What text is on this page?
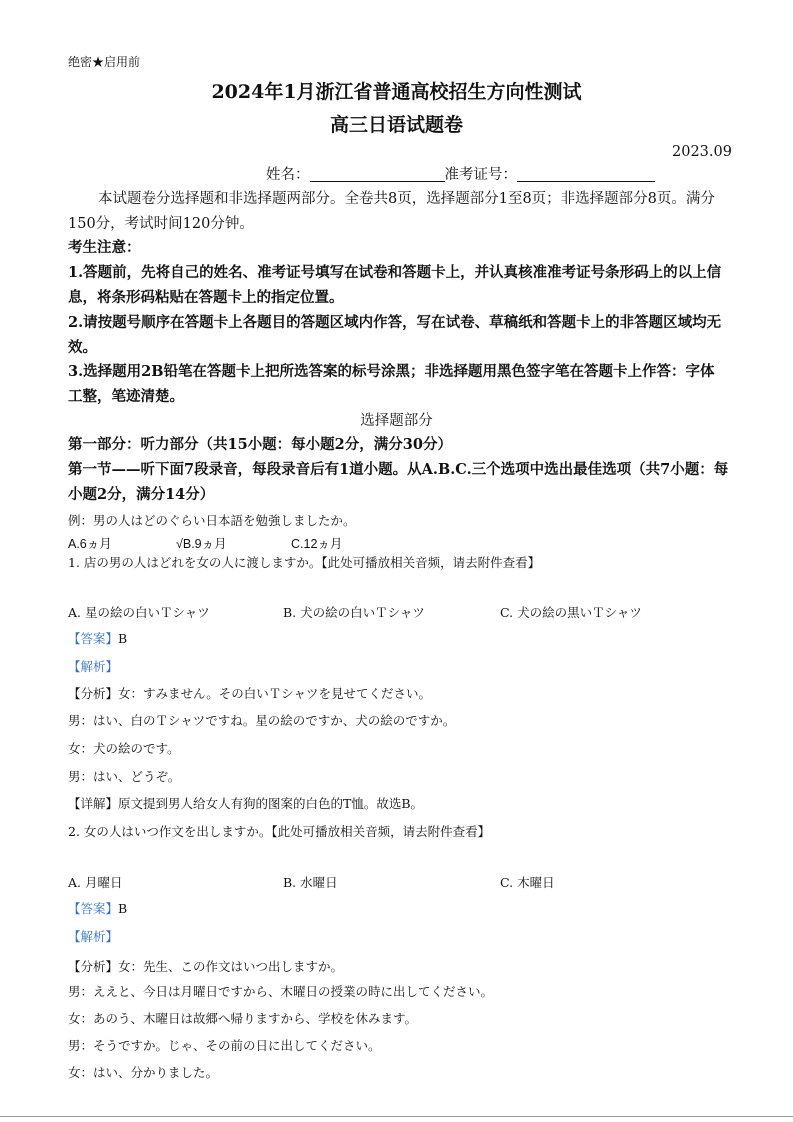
绝密★启用前
2024年1月浙江省普通高校招生方向性测试
高三日语试题卷
2023.09
姓名：	准考证号：
本试题卷分选择题和非选择题两部分。全卷共8页，选择题部分1至8页；非选择题部分8页。满分150分，考试时间120分钟。
考生注意：
1.答题前，先将自己的姓名、准考证号填写在试卷和答题卡上，并认真核准准考证号条形码上的以上信息，将条形码粘贴在答题卡上的指定位置。
2.请按题号顺序在答题卡上各题目的答题区域内作答，写在试卷、草稿纸和答题卡上的非答题区域均无效。
3.选择题用2B铅笔在答题卡上把所选答案的标号涂黑；非选择题用黑色签字笔在答题卡上作答：字体工整，笔迹清楚。
选择题部分
第一部分：听力部分（共15小题：每小题2分，满分30分）
第一节——听下面7段录音，每段录音后有1道小题。从A.B.C.三个选项中选出最佳选项（共7小题：每小题2分，满分14分）
例：男の人はどのぐらい日本語を勉強しましたか。
A.6ヵ月	√B.9ヵ月	C.12ヵ月
1. 店の男の人はどれを女の人に渡しますか。【此处可播放相关音频，请去附件查看】
A. 星の絵の白いＴシャツ	B. 犬の絵の白いＴシャツ	C. 犬の絵の黒いＴシャツ
【答案】B
【解析】
【分析】女：すみません。その白いＴシャツを見せてください。
男：はい、白のＴシャツですね。星の絵のですか、犬の絵のですか。
女：犬の絵のです。
男：はい、どうぞ。
【详解】原文提到男人给女人有狗的图案的白色的T恤。故选B。
2. 女の人はいつ作文を出しますか。【此处可播放相关音频，请去附件查看】
A. 月曜日	B. 水曜日	C. 木曜日
【答案】B
【解析】
【分析】女：先生、この作文はいつ出しますか。
男：ええと、今日は月曜日ですから、木曜日の授業の時に出してください。
女：あのう、木曜日は故郷へ帰りますから、学校を休みます。
男：そうですか。じゃ、その前の日に出してください。
女：はい、分かりました。
